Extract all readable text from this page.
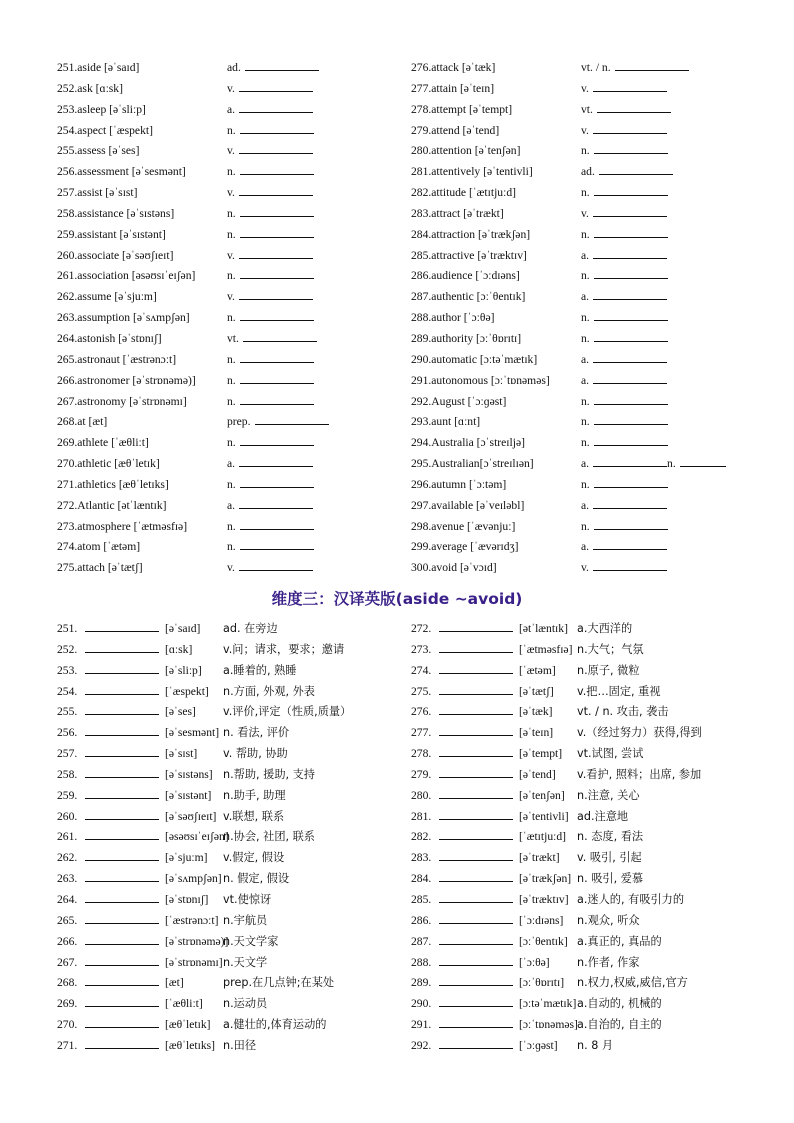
251.aside [əˈsaɪd]	ad.
252.ask [ɑːsk]	v.
253.asleep [əˈsliːp]	a.
254.aspect [ˈæspekt]	n.
255.assess [əˈses]	v.
256.assessment [əˈsesmənt]	n.
257.assist [əˈsɪst]	v.
258.assistance [əˈsɪstəns]	n.
259.assistant [əˈsɪstənt]	n.
260.associate [əˈsəʊʃɪeɪt]	v.
261.association [əsəʊsɪˈeɪʃən]	n.
262.assume [əˈsjuːm]	v.
263.assumption [əˈsʌmpʃən]	n.
264.astonish [əˈstɒnɪʃ]	vt.
265.astronaut [ˈæstrənɔːt]	n.
266.astronomer [əˈstrɒnəmə)]	n.
267.astronomy [əˈstrɒnəmɪ]	n.
268.at [æt]	prep.
269.athlete [ˈæθliːt]	n.
270.athletic [æθˈletɪk]	a.
271.athletics [æθˈletɪks]	n.
272.Atlantic [ətˈlæntɪk]	a.
273.atmosphere [ˈætməsfɪə]	n.
274.atom [ˈætəm]	n.
275.attach [əˈtætʃ]	v.
276.attack [əˈtæk]	vt. / n.
277.attain [əˈteɪn]	v.
278.attempt [əˈtempt]	vt.
279.attend [əˈtend]	v.
280.attention [əˈtenʃən]	n.
281.attentively [əˈtentivli]	ad.
282.attitude [ˈætɪtjuːd]	n.
283.attract [əˈtrækt]	v.
284.attraction [əˈtrækʃən]	n.
285.attractive [əˈtræktɪv]	a.
286.audience [ˈɔːdɪəns]	n.
287.authentic [ɔːˈθentɪk]	a.
288.author [ˈɔːθə]	n.
289.authority [ɔːˈθɒrɪtɪ]	n.
290.automatic [ɔːtəˈmætɪk]	a.
291.autonomous [ɔːˈtɒnəməs]	a.
292.August [ˈɔːɡəst]	n.
293.aunt [ɑːnt]	n.
294.Australia [ɔˈstreɪljə]	n.
295.Australian[ɔˈstreɪlɪən]	a.	n.
296.autumn [ˈɔːtəm]	n.
297.available [əˈveɪləbl]	a.
298.avenue [ˈævənjuː]	n.
299.average [ˈævərɪdʒ]	a.
300.avoid [əˈvɔɪd]	v.
维度三：汉译英版(aside ~avoid)
251.	[əˈsaɪd] ad. 在旁边
252.	[ɑːsk]	v.问；请求，要求；邀请
253.	[əˈsliːp] a.睡着的, 熟睡
254.	[ˈæspekt] n.方面, 外观, 外表
255.	[əˈses] v.评价,评定（性质,质量）
256.	[əˈsesmənt] n. 看法, 评价
257.	[əˈsɪst] v. 帮助, 协助
258.	[əˈsɪstəns] n.帮助, 援助, 支持
259.	[əˈsɪstənt] n.助手, 助理
260.	[əˈsəʊʃɪeɪt] v.联想, 联系
261.	[əsəʊsɪˈeɪʃən]n.协会, 社团, 联系
262.	[əˈsjuːm] v.假定, 假设
263.	[əˈsʌmpʃən]n. 假定, 假设
264.	[əˈstɒnɪʃ] vt.使惊讶
265.	[ˈæstrənɔːt] n.宇航员
266.	[əˈstrɒnəmə)]n.天文学家
267.	[əˈstrɒnəmɪ]n.天文学
268.	[æt]	prep.在几点钟;在某处
269.	[ˈæθliːt] n.运动员
270.	[æθˈletɪk] a.健壮的,体育运动的
271.	[æθˈletɪks] n.田径
272.	[ətˈlæntɪk] a.大西洋的
273.	[ˈætməsfɪə] n.大气；气氛
274.	[ˈætəm] n.原子, 微粒
275.	[əˈtætʃ] v.把…固定, 重视
276.	[əˈtæk] vt. / n. 攻击, 袭击
277.	[əˈteɪn] v.（经过努力）获得,得到
278.	[əˈtempt] vt.试图, 尝试
279.	[əˈtend] v.看护, 照料；出席, 参加
280.	[əˈtenʃən] n.注意, 关心
281.	[əˈtentivli] ad.注意地
282.	[ˈætɪtjuːd] n. 态度, 看法
283.	[əˈtrækt] v. 吸引, 引起
284.	[əˈtrækʃən] n. 吸引, 爱慕
285.	[əˈtræktɪv] a.迷人的, 有吸引力的
286.	[ˈɔːdɪəns] n.观众, 听众
287.	[ɔːˈθentɪk] a.真正的, 真品的
288.	[ˈɔːθə] n.作者, 作家
289.	[ɔːˈθɒrɪtɪ] n.权力,权威,威信,官方
290.	[ɔːtəˈmætɪk]a.自动的, 机械的
291.	[ɔːˈtɒnəməs]a.自治的, 自主的
292.	[ˈɔːɡəst] n. 8 月
